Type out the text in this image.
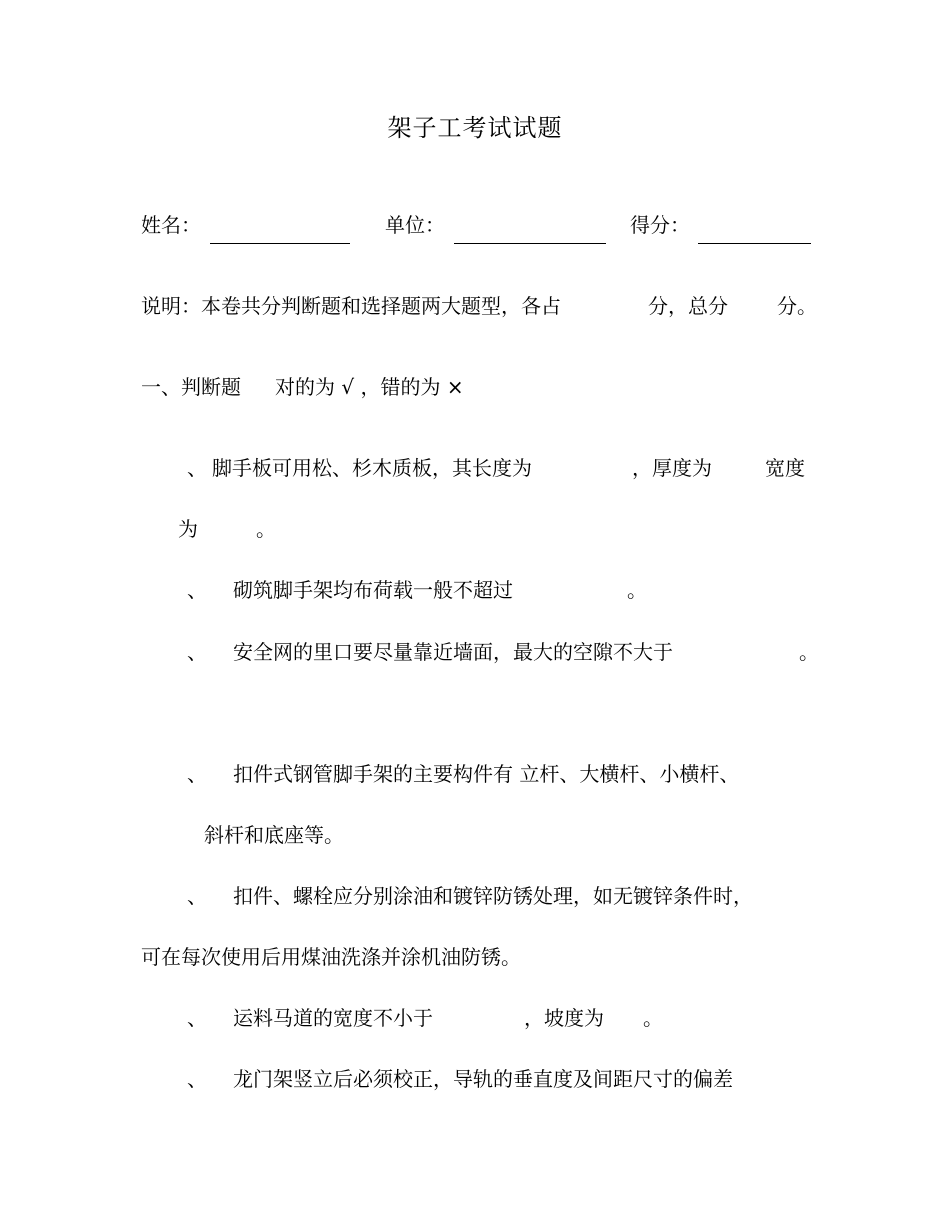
架子工考试试题
姓名：	单位：	得分：
说明：本卷共分判断题和选择题两大题型，各占	分，总分 分。
一、判断题 对的为 √ ，错的为 ×
、 脚手板可用松、杉木质板，其长度为	，厚度为	宽度
为	。
、 砌筑脚手架均布荷载一般不超过	。
、 安全网的里口要尽量靠近墙面，最大的空隙不大于	。
、 扣件式钢管脚手架的主要构件有 立杆、大横杆、小横杆、
斜杆和底座等。
、 扣件、螺栓应分别涂油和镀锌防锈处理，如无镀锌条件时，
可在每次使用后用煤油洗涤并涂机油防锈。
、 运料马道的宽度不小于	，坡度为 。
、 龙门架竖立后必须校正，导轨的垂直度及间距尺寸的偏差
